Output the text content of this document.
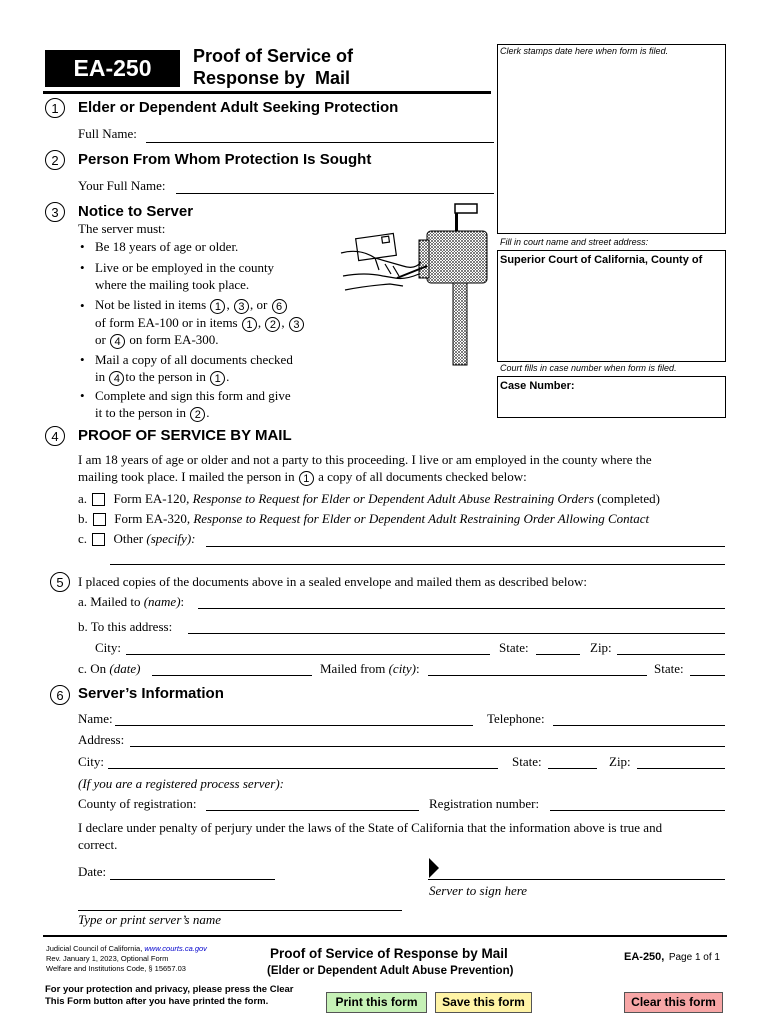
EA-250	Proof of Service of
Response by  Mail
Clerk stamps date here when form is filed.
Fill in court name and street address:
Superior Court of California, County of
Court fills in case number when form is filed.
Case Number:
1	Elder or Dependent Adult Seeking Protection
Full Name:
2	Person From Whom Protection Is Sought
Your Full Name:
3	Notice to Server
The server must:
• Be 18 years of age or older.
• Live or be employed in the county
where the mailing took place.
• Not be listed in items 1 , 3 , or 6
of form EA-100 or in items 1 , 2 , 3
or 4 on form EA-300.
• Mail a copy of all documents checked
in 4 to the person in 1 .
• Complete and sign this form and give
it to the person in 2 .
4	PROOF OF SERVICE BY MAIL
I am 18 years of age or older and not a party to this proceeding. I live or am employed in the county where the
mailing took place. I mailed the person in 1 a copy of all documents checked below:
a. Form EA-120, Response to Request for Elder or Dependent Adult Abuse Restraining Orders (completed)
b. Form EA-320, Response to Request for Elder or Dependent Adult Restraining Order Allowing Contact
c. Other (specify):
5	I placed copies of the documents above in a sealed envelope and mailed them as described below:
a. Mailed to (name):
b. To this address:
City:	State:	Zip:
c. On (date)	Mailed from (city):	State:
6 Server’s Information
Name:	Telephone:
Address:
City:	State:	Zip:
(If you are a registered process server):
County of registration:	Registration number:
I declare under penalty of perjury under the laws of the State of California that the information above is true and
correct.
Date:
Server to sign here
Type or print server’s name
Judicial Council of California, www.courts.ca.gov
Rev. January 1, 2023, Optional Form
Welfare and Institutions Code, § 15657.03
Proof of Service of Response by Mail
(Elder or Dependent Adult Abuse Prevention)
EA-250, Page 1 of 1
For your protection and privacy, please press the Clear
This Form button after you have printed the form.	Print this form	Save this form	Clear this form
